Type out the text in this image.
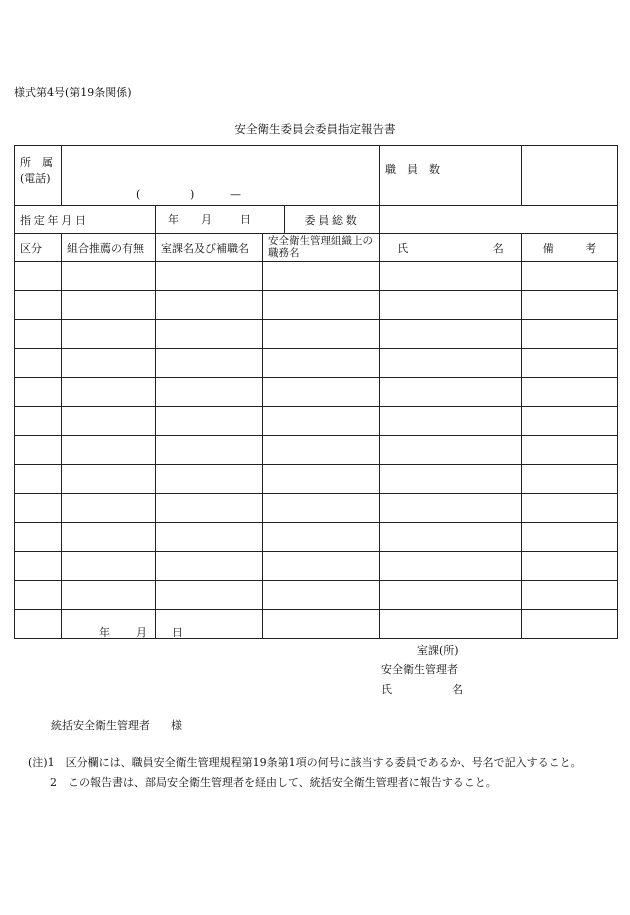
様式第4号(第19条関係)
安全衛生委員会委員指定報告書
所　属(電話)	( ) —				職　員　数	
指定年月日		年 月 日		委員総数		
区分	組合推薦の有無	室課名及び補職名	安全衛生管理組織上の職務名		氏 名	備 考

年 月 日
室課(所)
安全衛生管理者
氏	名
統括安全衛生管理者 様
(注)1　区分欄には、職員安全衛生管理規程第19条第1項の何号に該当する委員であるか、号名で記入すること。
2　この報告書は、部局安全衛生管理者を経由して、統括安全衛生管理者に報告すること。
